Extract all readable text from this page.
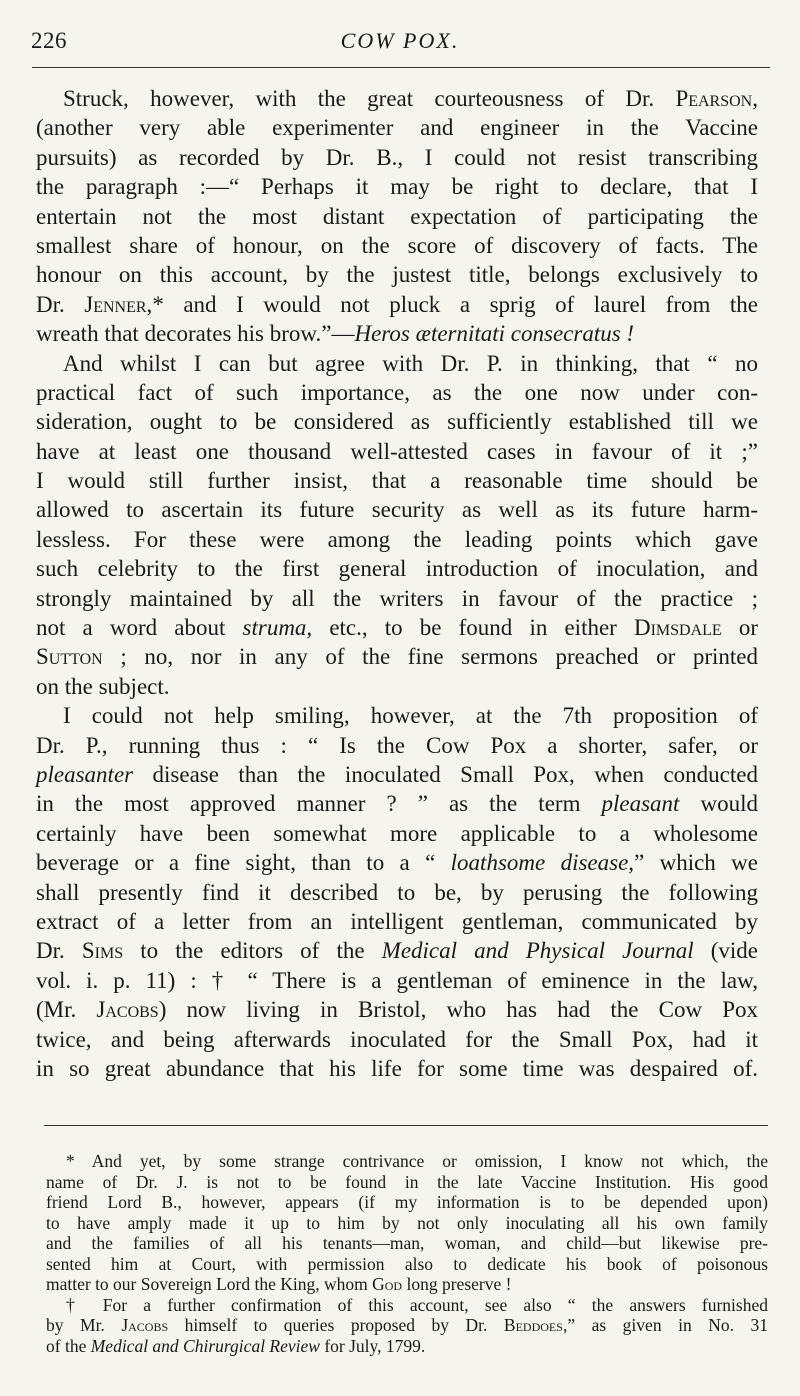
226	COW POX.
Struck, however, with the great courteousness of Dr. Pearson,
(another very able experimenter and engineer in the Vaccine
pursuits) as recorded by Dr. B., I could not resist transcribing
the paragraph :—“ Perhaps it may be right to declare, that I
entertain not the most distant expectation of participating the
smallest share of honour, on the score of discovery of facts. The
honour on this account, by the justest title, belongs exclusively to
Dr. Jenner,* and I would not pluck a sprig of laurel from the
wreath that decorates his brow.”—Heros æternitati consecratus !
And whilst I can but agree with Dr. P. in thinking, that “ no
practical fact of such importance, as the one now under con-
sideration, ought to be considered as sufficiently established till we
have at least one thousand well-attested cases in favour of it ;”
I would still further insist, that a reasonable time should be
allowed to ascertain its future security as well as its future harm-
lessless. For these were among the leading points which gave
such celebrity to the first general introduction of inoculation, and
strongly maintained by all the writers in favour of the practice ;
not a word about struma, etc., to be found in either Dimsdale or
Sutton ; no, nor in any of the fine sermons preached or printed
on the subject.
I could not help smiling, however, at the 7th proposition of
Dr. P., running thus : “ Is the Cow Pox a shorter, safer, or
pleasanter disease than the inoculated Small Pox, when conducted
in the most approved manner ? ” as the term pleasant would
certainly have been somewhat more applicable to a wholesome
beverage or a fine sight, than to a “ loathsome disease,” which we
shall presently find it described to be, by perusing the following
extract of a letter from an intelligent gentleman, communicated by
Dr. Sims to the editors of the Medical and Physical Journal (vide
vol. i. p. 11) : † “ There is a gentleman of eminence in the law,
(Mr. Jacobs) now living in Bristol, who has had the Cow Pox
twice, and being afterwards inoculated for the Small Pox, had it
in so great abundance that his life for some time was despaired of.
* And yet, by some strange contrivance or omission, I know not which, the
name of Dr. J. is not to be found in the late Vaccine Institution. His good
friend Lord B., however, appears (if my information is to be depended upon)
to have amply made it up to him by not only inoculating all his own family
and the families of all his tenants—man, woman, and child—but likewise pre-
sented him at Court, with permission also to dedicate his book of poisonous
matter to our Sovereign Lord the King, whom God long preserve !
† For a further confirmation of this account, see also “ the answers furnished
by Mr. Jacobs himself to queries proposed by Dr. Beddoes,” as given in No. 31
of the Medical and Chirurgical Review for July, 1799.
